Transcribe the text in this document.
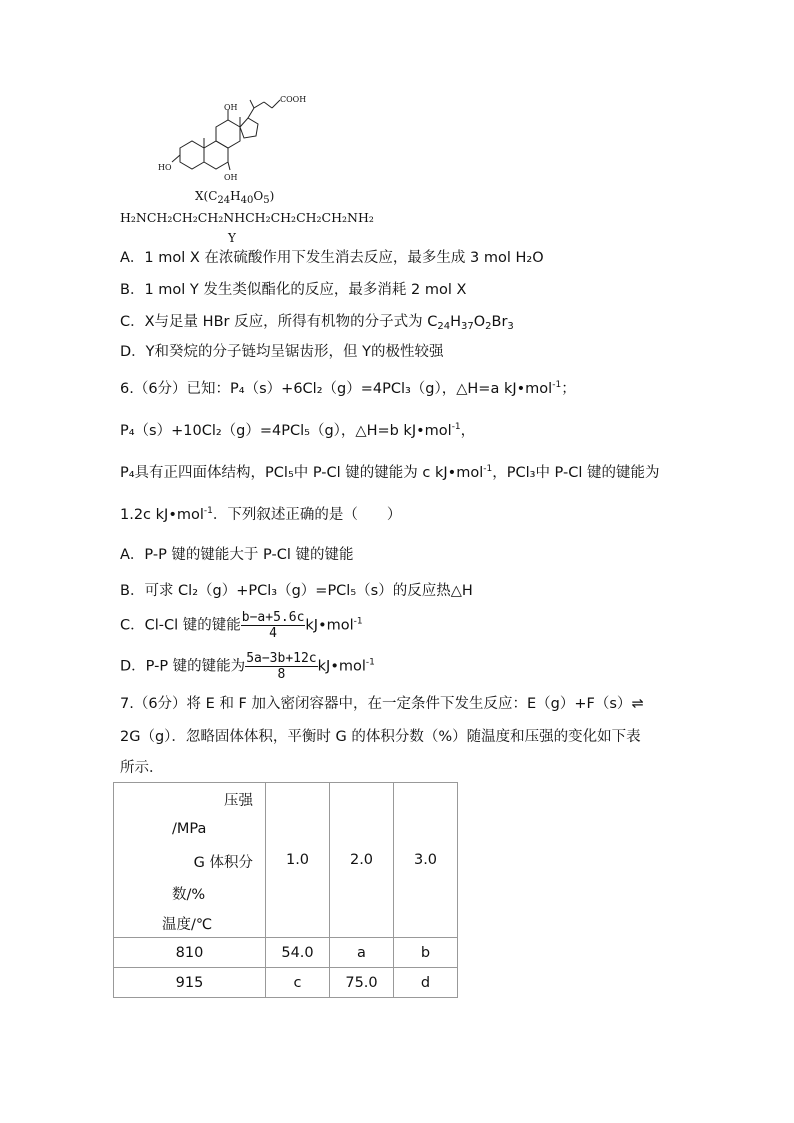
COOH
OH
HO
OH
$X(C_{24}H_{40}O_5)$
H₂NCH₂CH₂CH₂NHCH₂CH₂CH₂CH₂NH₂
Y
A．1 mol X 在浓硫酸作用下发生消去反应，最多生成 3 mol H₂O
B．1 mol Y 发生类似酯化的反应，最多消耗 2 mol X
C．X与足量 HBr 反应，所得有机物的分子式为 $C_{24}H_{37}O_2Br_3$
D．Y和癸烷的分子链均呈锯齿形，但 Y的极性较强
6.（6分）已知：P₄（s）+6Cl₂（g）=4PCl₃（g），△H=a kJ•mol$^{-1}$；
P₄（s）+10Cl₂（g）=4PCl₅（g），△H=b kJ•mol$^{-1}$，
P₄具有正四面体结构，PCl₅中 P-Cl 键的键能为 c kJ•mol$^{-1}$，PCl₃中 P-Cl 键的键能为
1.2c kJ•mol$^{-1}$．下列叙述正确的是（　　）
A．P-P 键的键能大于 P-Cl 键的键能
B．可求 Cl₂（g）+PCl₃（g）=PCl₅（s）的反应热△H
C．Cl-Cl 键的键能 $\frac{b-a+5.6c}{4}$ kJ•mol$^{-1}$
D．P-P 键的键能为 $\frac{5a-3b+12c}{8}$ kJ•mol$^{-1}$
7.（6分）将 E 和 F 加入密闭容器中，在一定条件下发生反应：E（g）+F（s）⇌
2G（g）．忽略固体体积，平衡时 G 的体积分数（%）随温度和压强的变化如下表
所示．
压强
/MPa
G 体积分
数/%
温度/℃	1.0	2.0	3.0
810	54.0	a	b
915	c	75.0	d
